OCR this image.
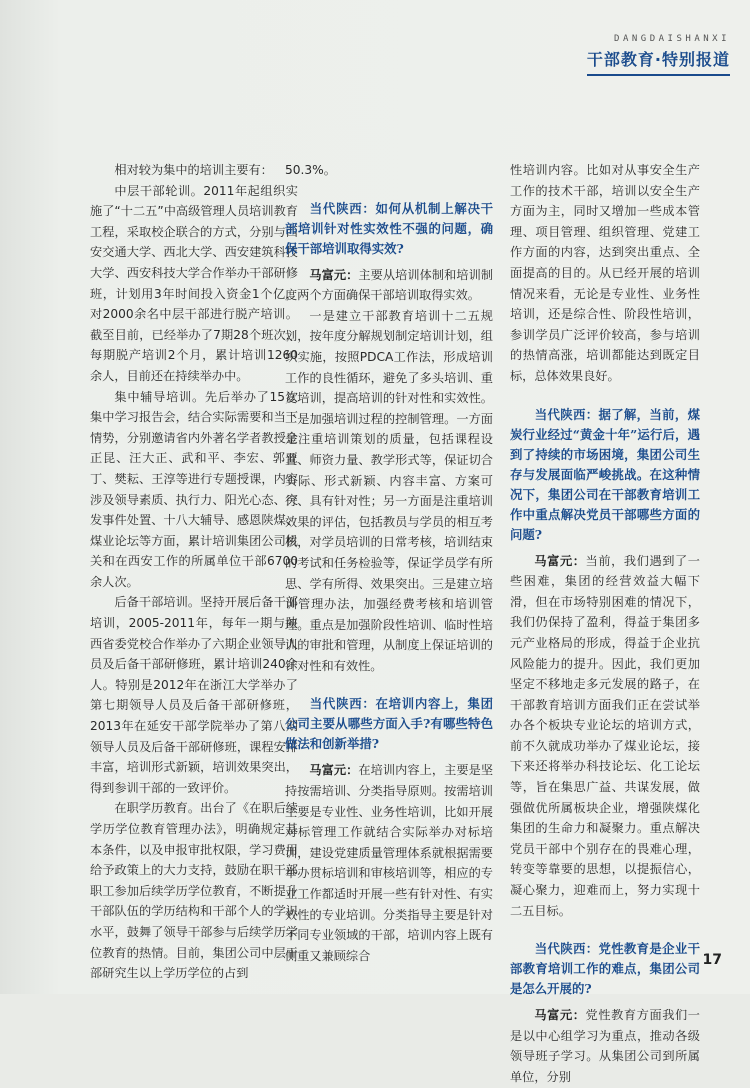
DANGDAISHANXI
干部教育·特别报道

相对较为集中的培训主要有：

中层干部轮训。2011年起组织实施了“十二五”中高级管理人员培训教育工程，采取校企联合的方式，分别与西安交通大学、西北大学、西安建筑科技大学、西安科技大学合作举办干部研修班，计划用3年时间投入资金1个亿，对2000余名中层干部进行脱产培训。截至目前，已经举办了7期28个班次，每期脱产培训2个月，累计培训1260余人，目前还在持续举办中。

集中辅导培训。先后举办了15次集中学习报告会，结合实际需要和当下情势，分别邀请省内外著名学者教授金正昆、汪大正、武和平、李宏、郭亚丁、樊耘、王淳等进行专题授课，内容涉及领导素质、执行力、阳光心态、突发事件处置、十八大辅导、感恩陕煤、煤业论坛等方面，累计培训集团公司机关和在西安工作的所属单位干部6700余人次。

后备干部培训。坚持开展后备干部培训，2005-2011年，每年一期与陕西省委党校合作举办了六期企业领导人员及后备干部研修班，累计培训240余人。特别是2012年在浙江大学举办了第七期领导人员及后备干部研修班，2013年在延安干部学院举办了第八期领导人员及后备干部研修班，课程安排丰富，培训形式新颖，培训效果突出，得到参训干部的一致评价。

在职学历教育。出台了《在职后续学历学位教育管理办法》，明确规定基本条件，以及申报审批权限，学习费用给予政策上的大力支持，鼓励在职干部职工参加后续学历学位教育，不断提升干部队伍的学历结构和干部个人的学识水平，鼓舞了领导干部参与后续学历学位教育的热情。目前，集团公司中层干部研究生以上学历学位的占到

50.3%。

当代陕西：如何从机制上解决干部培训针对性实效性不强的问题，确保干部培训取得实效?

马富元：主要从培训体制和培训制度两个方面确保干部培训取得实效。

一是建立干部教育培训十二五规划，按年度分解规划制定培训计划，组织实施，按照PDCA工作法，形成培训工作的良性循环，避免了多头培训、重复培训，提高培训的针对性和实效性。二是加强培训过程的控制管理。一方面是注重培训策划的质量，包括课程设置、师资力量、教学形式等，保证切合实际、形式新颖、内容丰富、方案可行、具有针对性；另一方面是注重培训效果的评估，包括教员与学员的相互考核，对学员培训的日常考核，培训结束的考试和任务检验等，保证学员学有所思、学有所得、效果突出。三是建立培训管理办法，加强经费考核和培训管理。重点是加强阶段性培训、临时性培训的审批和管理，从制度上保证培训的针对性和有效性。

当代陕西：在培训内容上，集团公司主要从哪些方面入手?有哪些特色做法和创新举措?

马富元：在培训内容上，主要是坚持按需培训、分类指导原则。按需培训主要是专业性、业务性培训，比如开展对标管理工作就结合实际举办对标培训，建设党建质量管理体系就根据需要举办贯标培训和审核培训等，相应的专业工作都适时开展一些有针对性、有实效性的专业培训。分类指导主要是针对不同专业领域的干部，培训内容上既有侧重又兼顾综合

性培训内容。比如对从事安全生产工作的技术干部，培训以安全生产方面为主，同时又增加一些成本管理、项目管理、组织管理、党建工作方面的内容，达到突出重点、全面提高的目的。从已经开展的培训情况来看，无论是专业性、业务性培训，还是综合性、阶段性培训，参训学员广泛评价较高，参与培训的热情高涨，培训都能达到既定目标，总体效果良好。

当代陕西：据了解，当前，煤炭行业经过“黄金十年”运行后，遇到了持续的市场困境，集团公司生存与发展面临严峻挑战。在这种情况下，集团公司在干部教育培训工作中重点解决党员干部哪些方面的问题?

马富元：当前，我们遇到了一些困难，集团的经营效益大幅下滑，但在市场特别困难的情况下，我们仍保持了盈利，得益于集团多元产业格局的形成，得益于企业抗风险能力的提升。因此，我们更加坚定不移地走多元发展的路子，在干部教育培训方面我们正在尝试举办各个板块专业论坛的培训方式，前不久就成功举办了煤业论坛，接下来还将举办科技论坛、化工论坛等，旨在集思广益、共谋发展，做强做优所属板块企业，增强陕煤化集团的生命力和凝聚力。重点解决党员干部中个别存在的畏难心理，转变等靠要的思想，以提振信心，凝心聚力，迎难而上，努力实现十二五目标。

当代陕西：党性教育是企业干部教育培训工作的难点，集团公司是怎么开展的?

马富元：党性教育方面我们一是以中心组学习为重点，推动各级领导班子学习。从集团公司到所属单位，分别

17
